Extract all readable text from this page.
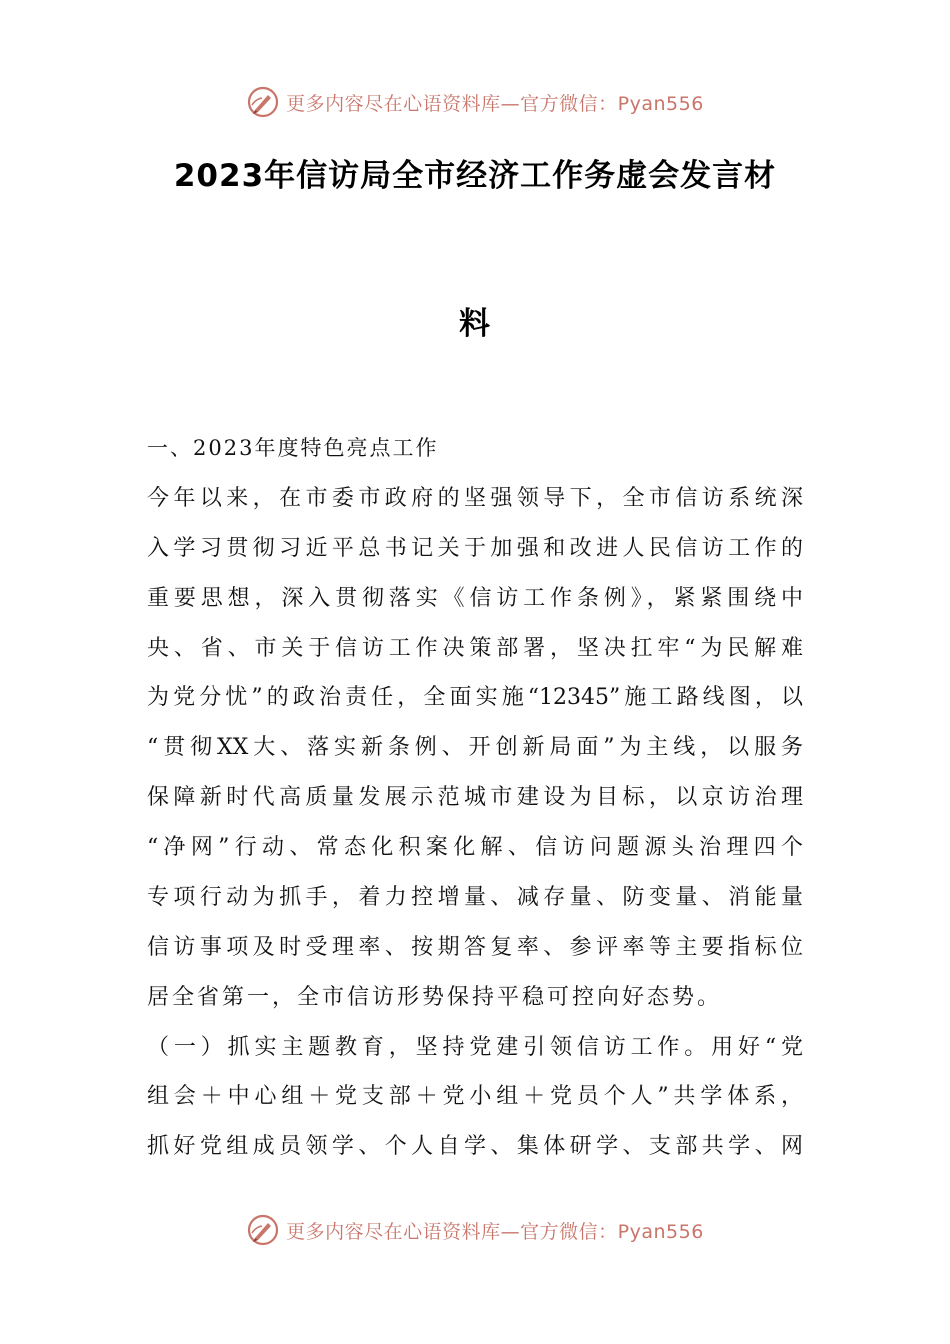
更多内容尽在心语资料库—官方微信：Pyan556
2023年信访局全市经济工作务虚会发言材
料
一、2023年度特色亮点工作
今年以来，在市委市政府的坚强领导下，全市信访系统深
入学习贯彻习近平总书记关于加强和改进人民信访工作的
重要思想，深入贯彻落实《信访工作条例》，紧紧围绕中
央、省、市关于信访工作决策部署，坚决扛牢“为民解难
为党分忧”的政治责任，全面实施“12345”施工路线图，以
“贯彻XX大、落实新条例、开创新局面”为主线，以服务
保障新时代高质量发展示范城市建设为目标，以京访治理
“净网”行动、常态化积案化解、信访问题源头治理四个
专项行动为抓手，着力控增量、减存量、防变量、消能量
信访事项及时受理率、按期答复率、参评率等主要指标位
居全省第一，全市信访形势保持平稳可控向好态势。
（一）抓实主题教育，坚持党建引领信访工作。用好“党
组会＋中心组＋党支部＋党小组＋党员个人”共学体系，
抓好党组成员领学、个人自学、集体研学、支部共学、网
更多内容尽在心语资料库—官方微信：Pyan556
